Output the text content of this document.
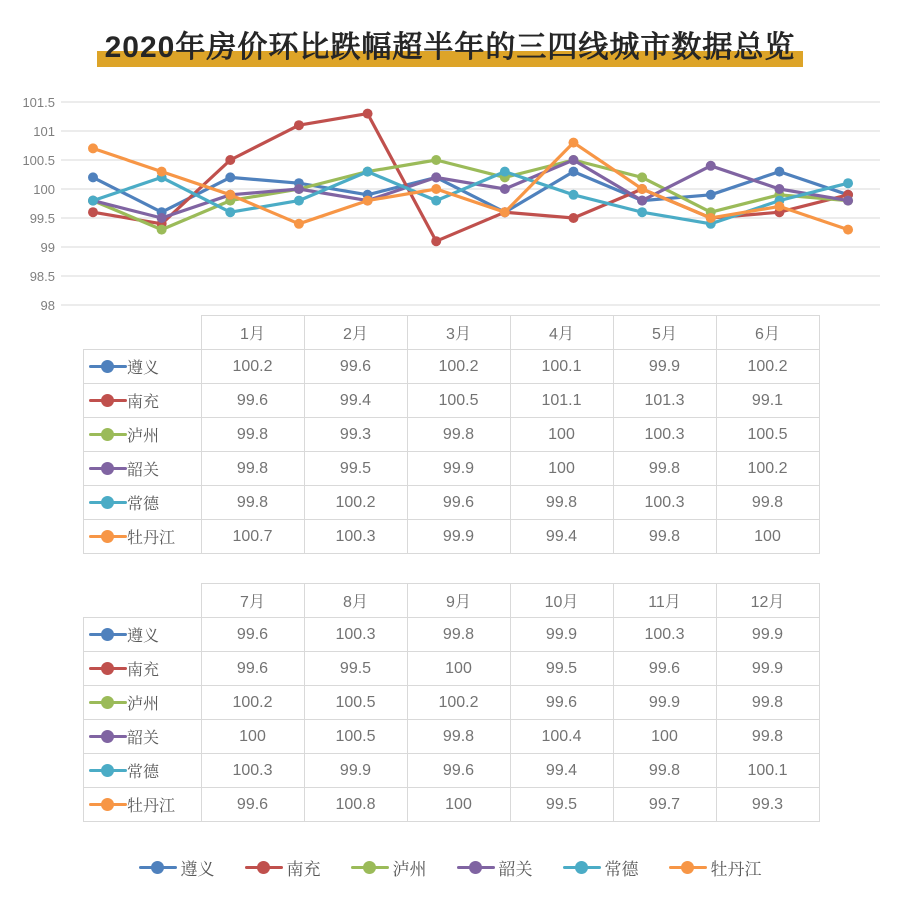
2020年房价环比跌幅超半年的三四线城市数据总览
101.5
101
100.5
100
99.5
99
98.5
98
	1月	2月	3月	4月	5月	6月

遵义	100.2	99.6	100.2	100.1	99.9	100.2

南充	99.6	99.4	100.5	101.1	101.3	99.1

泸州	99.8	99.3	99.8	100	100.3	100.5

韶关	99.8	99.5	99.9	100	99.8	100.2

常德	99.8	100.2	99.6	99.8	100.3	99.8

牡丹江	100.7	100.3	99.9	99.4	99.8	100
	7月	8月	9月	10月	11月	12月

遵义	99.6	100.3	99.8	99.9	100.3	99.9

南充	99.6	99.5	100	99.5	99.6	99.9

泸州	100.2	100.5	100.2	99.6	99.9	99.8

韶关	100	100.5	99.8	100.4	100	99.8

常德	100.3	99.9	99.6	99.4	99.8	100.1

牡丹江	99.6	100.8	100	99.5	99.7	99.3
遵义	南充	泸州	韶关	常德	牡丹江
